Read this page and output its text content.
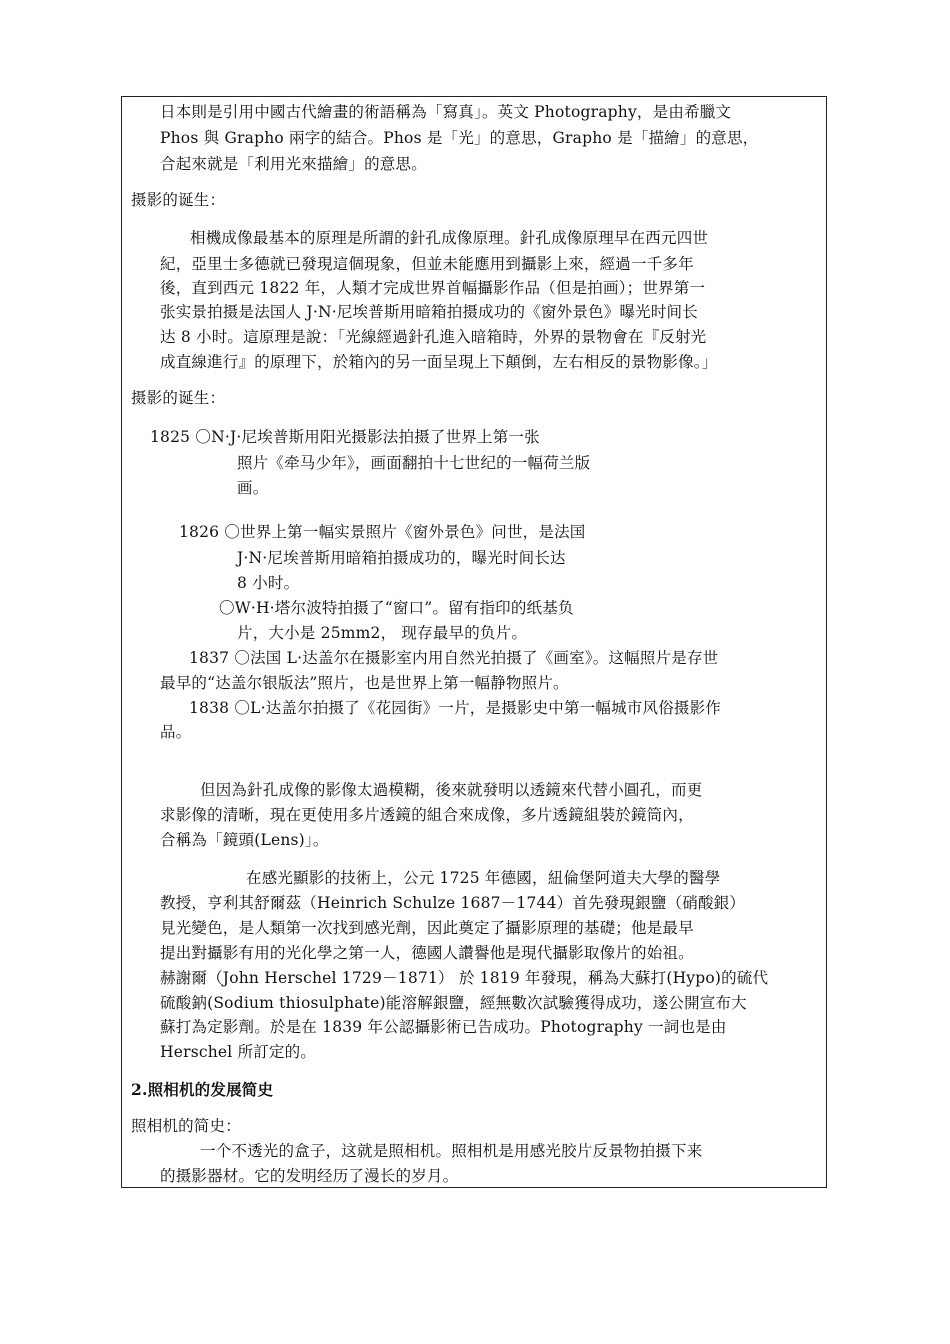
日本則是引用中國古代繪畫的術語稱為「寫真」。英文 Photography，是由希臘文
Phos 與 Grapho 兩字的結合。Phos 是「光」的意思，Grapho 是「描繪」的意思，
合起來就是「利用光來描繪」的意思。
摄影的诞生：
相機成像最基本的原理是所謂的針孔成像原理。針孔成像原理早在西元四世
紀，亞里士多德就已發現這個現象，但並未能應用到攝影上來，經過一千多年
後，直到西元 1822 年，人類才完成世界首幅攝影作品（但是拍画）；世界第一
张实景拍摄是法国人 J·N·尼埃普斯用暗箱拍摄成功的《窗外景色》曝光时间长
达 8 小时。這原理是說：「光線經過針孔進入暗箱時，外界的景物會在『反射光
成直線進行』的原理下，於箱內的另一面呈現上下顛倒，左右相反的景物影像。」
摄影的诞生：
1825 〇N·J·尼埃普斯用阳光摄影法拍摄了世界上第一张
照片《牵马少年》，画面翻拍十七世纪的一幅荷兰版
画。
1826 〇世界上第一幅实景照片《窗外景色》问世，是法国
J·N·尼埃普斯用暗箱拍摄成功的，曝光时间长达
8 小时。
〇W·H·塔尔波特拍摄了“窗口”。留有指印的纸基负
片，大小是 25mm2， 现存最早的负片。
1837 〇法国 L·达盖尔在摄影室内用自然光拍摄了《画室》。这幅照片是存世
最早的“达盖尔银版法”照片，也是世界上第一幅静物照片。
1838 〇L·达盖尔拍摄了《花园街》一片，是摄影史中第一幅城市风俗摄影作
品。
但因為針孔成像的影像太過模糊，後來就發明以透鏡來代替小圓孔，而更
求影像的清晰，現在更使用多片透鏡的組合來成像，多片透鏡組裝於鏡筒內，
合稱為「鏡頭(Lens)」。
在感光顯影的技術上，公元 1725 年德國，紐倫堡阿道夫大學的醫學
教授，亨利其舒爾茲（Heinrich Schulze 1687－1744）首先發現銀鹽（硝酸銀）
見光變色，是人類第一次找到感光劑，因此奠定了攝影原理的基礎；他是最早
提出對攝影有用的光化學之第一人，德國人讚譽他是現代攝影取像片的始祖。
赫謝爾（John Herschel 1729－1871） 於 1819 年發現，稱為大蘇打(Hypo)的硫代
硫酸鈉(Sodium thiosulphate)能溶解銀鹽，經無數次試驗獲得成功，遂公開宣布大
蘇打為定影劑。於是在 1839 年公認攝影術已告成功。Photography 一詞也是由
Herschel 所訂定的。
2.照相机的发展简史
照相机的简史：
一个不透光的盒子，这就是照相机。照相机是用感光胶片反景物拍摄下来
的摄影器材。它的发明经历了漫长的岁月。
